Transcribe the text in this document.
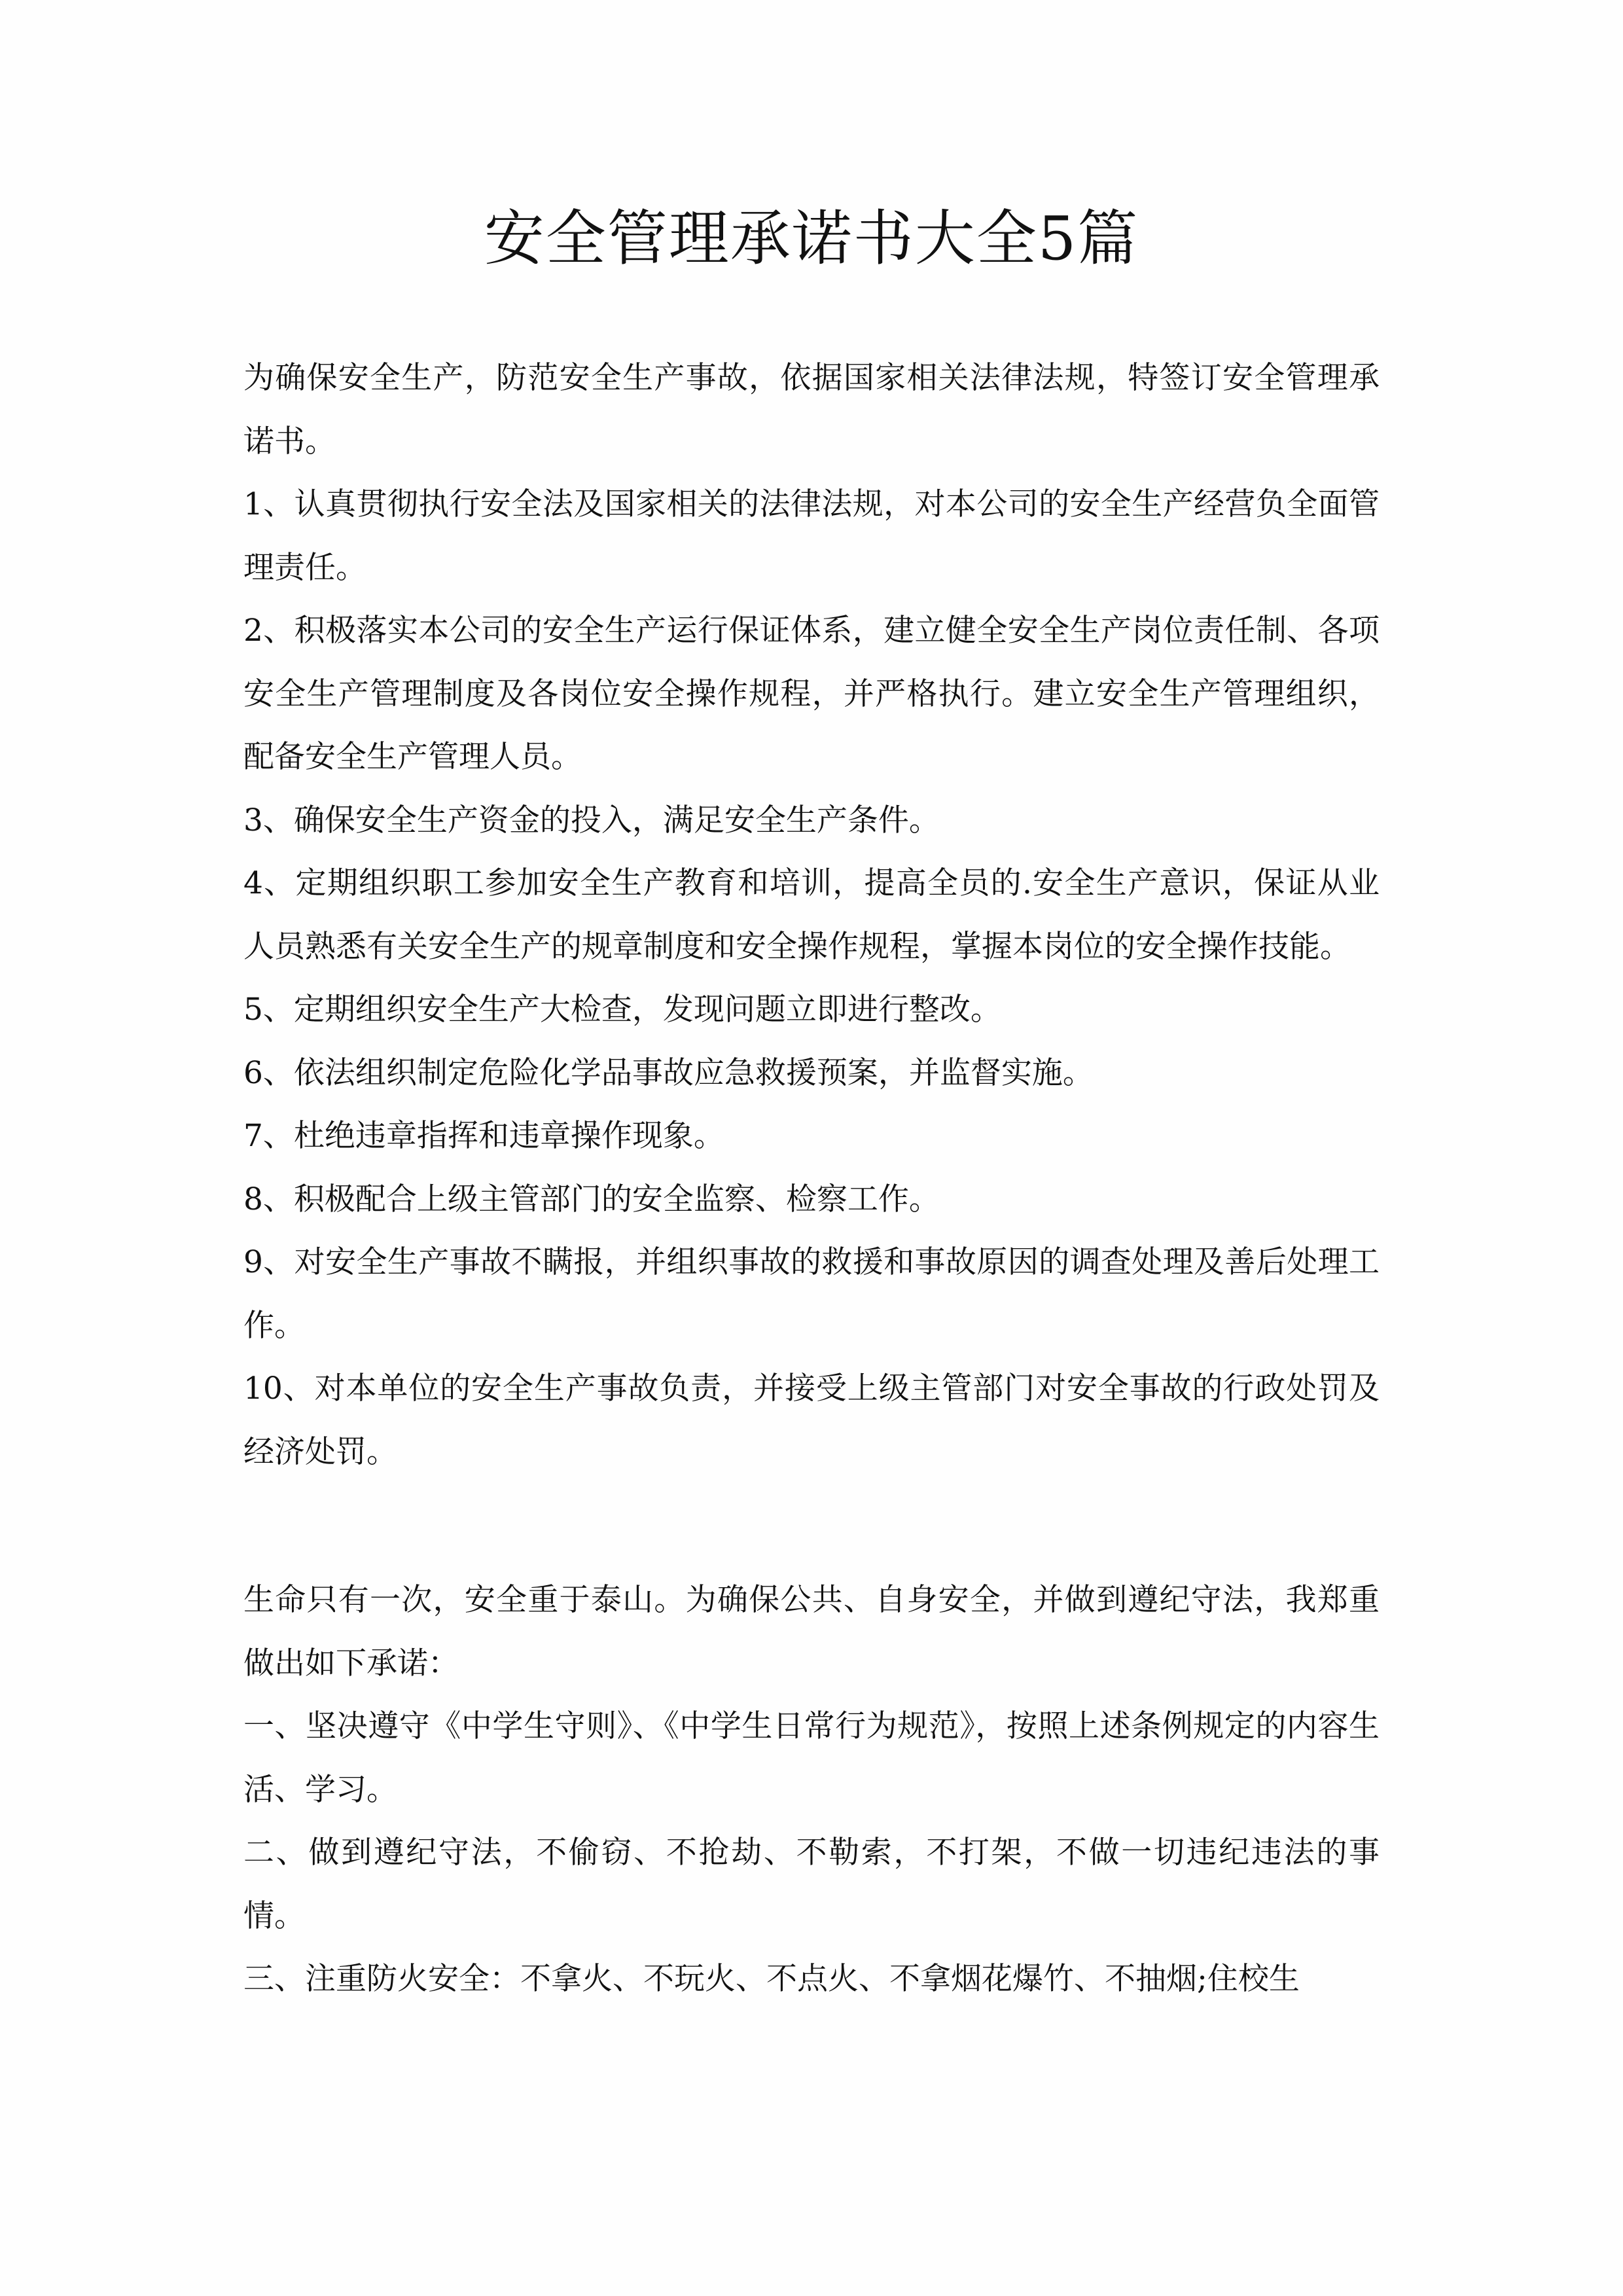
安全管理承诺书大全5篇

为确保安全生产，防范安全生产事故，依据国家相关法律法规，特签订安全管理承诺书。

1、认真贯彻执行安全法及国家相关的法律法规，对本公司的安全生产经营负全面管理责任。

2、积极落实本公司的安全生产运行保证体系，建立健全安全生产岗位责任制、各项安全生产管理制度及各岗位安全操作规程，并严格执行。建立安全生产管理组织，配备安全生产管理人员。

3、确保安全生产资金的投入，满足安全生产条件。

4、定期组织职工参加安全生产教育和培训，提高全员的.安全生产意识，保证从业人员熟悉有关安全生产的规章制度和安全操作规程，掌握本岗位的安全操作技能。

5、定期组织安全生产大检查，发现问题立即进行整改。

6、依法组织制定危险化学品事故应急救援预案，并监督实施。

7、杜绝违章指挥和违章操作现象。

8、积极配合上级主管部门的安全监察、检察工作。

9、对安全生产事故不瞒报，并组织事故的救援和事故原因的调查处理及善后处理工作。

10、对本单位的安全生产事故负责，并接受上级主管部门对安全事故的行政处罚及经济处罚。

生命只有一次，安全重于泰山。为确保公共、自身安全，并做到遵纪守法，我郑重做出如下承诺：

一、坚决遵守《中学生守则》、《中学生日常行为规范》，按照上述条例规定的内容生活、学习。

二、做到遵纪守法，不偷窃、不抢劫、不勒索，不打架，不做一切违纪违法的事情。

三、注重防火安全：不拿火、不玩火、不点火、不拿烟花爆竹、不抽烟;住校生
